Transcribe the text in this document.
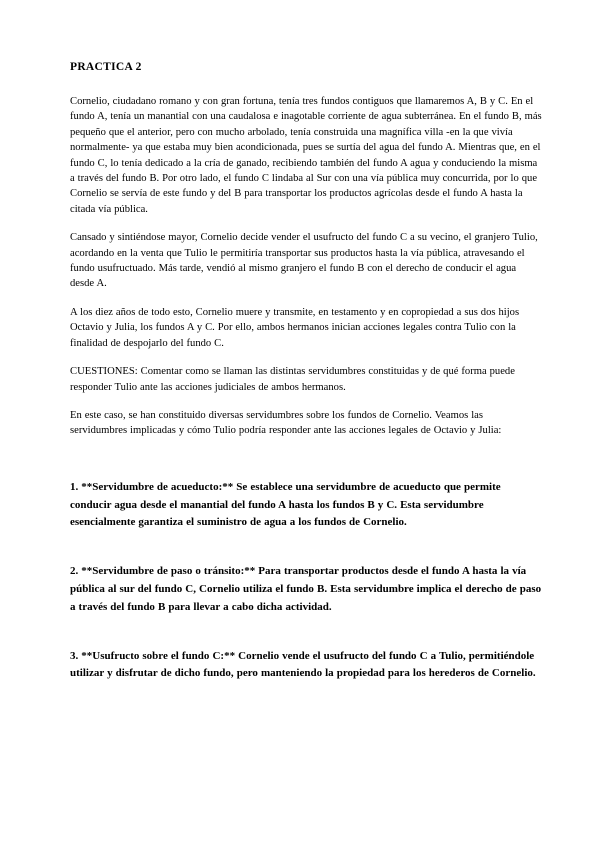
PRACTICA 2

Cornelio, ciudadano romano y con gran fortuna, tenía tres fundos contiguos que llamaremos A, B y C. En el fundo A, tenía un manantial con una caudalosa e inagotable corriente de agua subterránea. En el fundo B, más pequeño que el anterior, pero con mucho arbolado, tenía construida una magnífica villa -en la que vivía normalmente- ya que estaba muy bien acondicionada, pues se surtía del agua del fundo A. Mientras que, en el fundo C, lo tenía dedicado a la cría de ganado, recibiendo también del fundo A agua y conduciendo la misma a través del fundo B. Por otro lado, el fundo C lindaba al Sur con una vía pública muy concurrida, por lo que Cornelio se servía de este fundo y del B para transportar los productos agrícolas desde el fundo A hasta la citada vía pública.

Cansado y sintiéndose mayor, Cornelio decide vender el usufructo del fundo C a su vecino, el granjero Tulio, acordando en la venta que Tulio le permitiría transportar sus productos hasta la vía pública, atravesando el fundo usufructuado. Más tarde, vendió al mismo granjero el fundo B con el derecho de conducir el agua desde A.

A los diez años de todo esto, Cornelio muere y transmite, en testamento y en copropiedad a sus dos hijos Octavio y Julia, los fundos A y C. Por ello, ambos hermanos inician acciones legales contra Tulio con la finalidad de despojarlo del fundo C.

CUESTIONES: Comentar como se llaman las distintas servidumbres constituidas y de qué forma puede responder Tulio ante las acciones judiciales de ambos hermanos.

En este caso, se han constituido diversas servidumbres sobre los fundos de Cornelio. Veamos las servidumbres implicadas y cómo Tulio podría responder ante las acciones legales de Octavio y Julia:

1. **Servidumbre de acueducto:** Se establece una servidumbre de acueducto que permite conducir agua desde el manantial del fundo A hasta los fundos B y C. Esta servidumbre esencialmente garantiza el suministro de agua a los fundos de Cornelio.

2. **Servidumbre de paso o tránsito:** Para transportar productos desde el fundo A hasta la vía pública al sur del fundo C, Cornelio utiliza el fundo B. Esta servidumbre implica el derecho de paso a través del fundo B para llevar a cabo dicha actividad.

3. **Usufructo sobre el fundo C:** Cornelio vende el usufructo del fundo C a Tulio, permitiéndole utilizar y disfrutar de dicho fundo, pero manteniendo la propiedad para los herederos de Cornelio.
